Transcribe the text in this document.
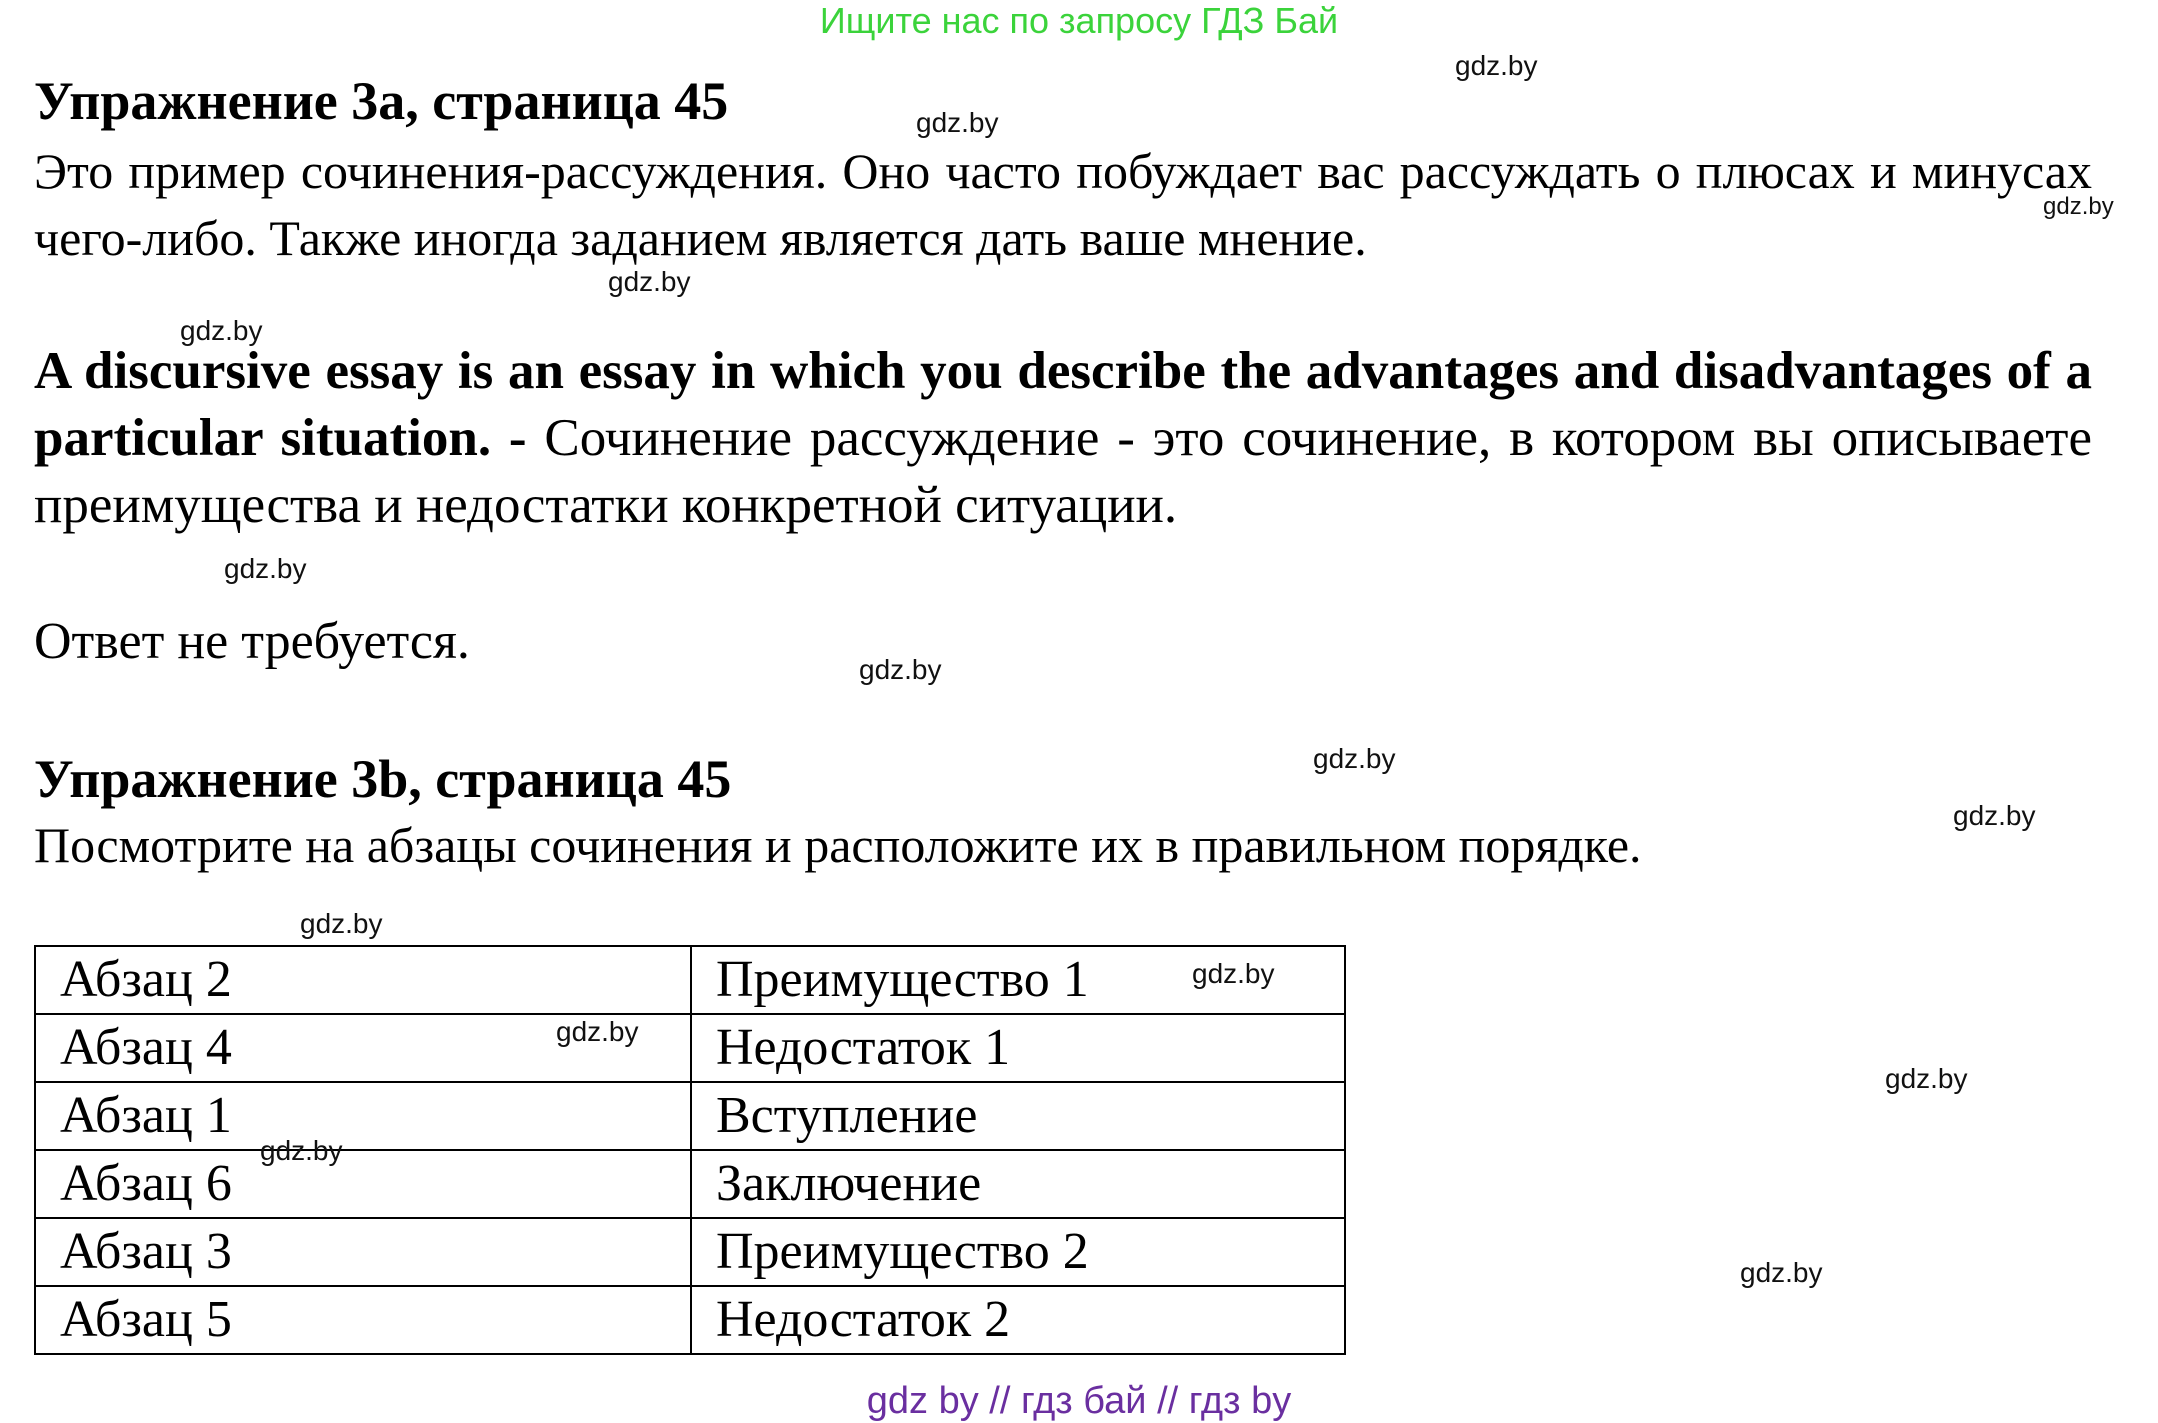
Ищите нас по запросу ГДЗ Бай
Упражнение 3a, страница 45
Это пример сочинения-рассуждения. Оно часто побуждает вас рассуждать о плюсах и минусах чего-либо. Также иногда заданием является дать ваше мнение.
A discursive essay is an essay in which you describe the advantages and disadvantages of a particular situation. - Сочинение рассуждение - это сочинение, в котором вы описываете преимущества и недостатки конкретной ситуации.
Ответ не требуется.
Упражнение 3b, страница 45
Посмотрите на абзацы сочинения и расположите их в правильном порядке.
Абзац 2	Преимущество 1
Абзац 4	Недостаток 1
Абзац 1	Вступление
Абзац 6	Заключение
Абзац 3	Преимущество 2
Абзац 5	Недостаток 2
gdz.by
gdz.by
gdz.by
gdz.by
gdz.by
gdz.by
gdz.by
gdz.by
gdz.by
gdz.by
gdz.by
gdz.by
gdz.by
gdz.by
gdz.by
gdz by // гдз бай // гдз by
